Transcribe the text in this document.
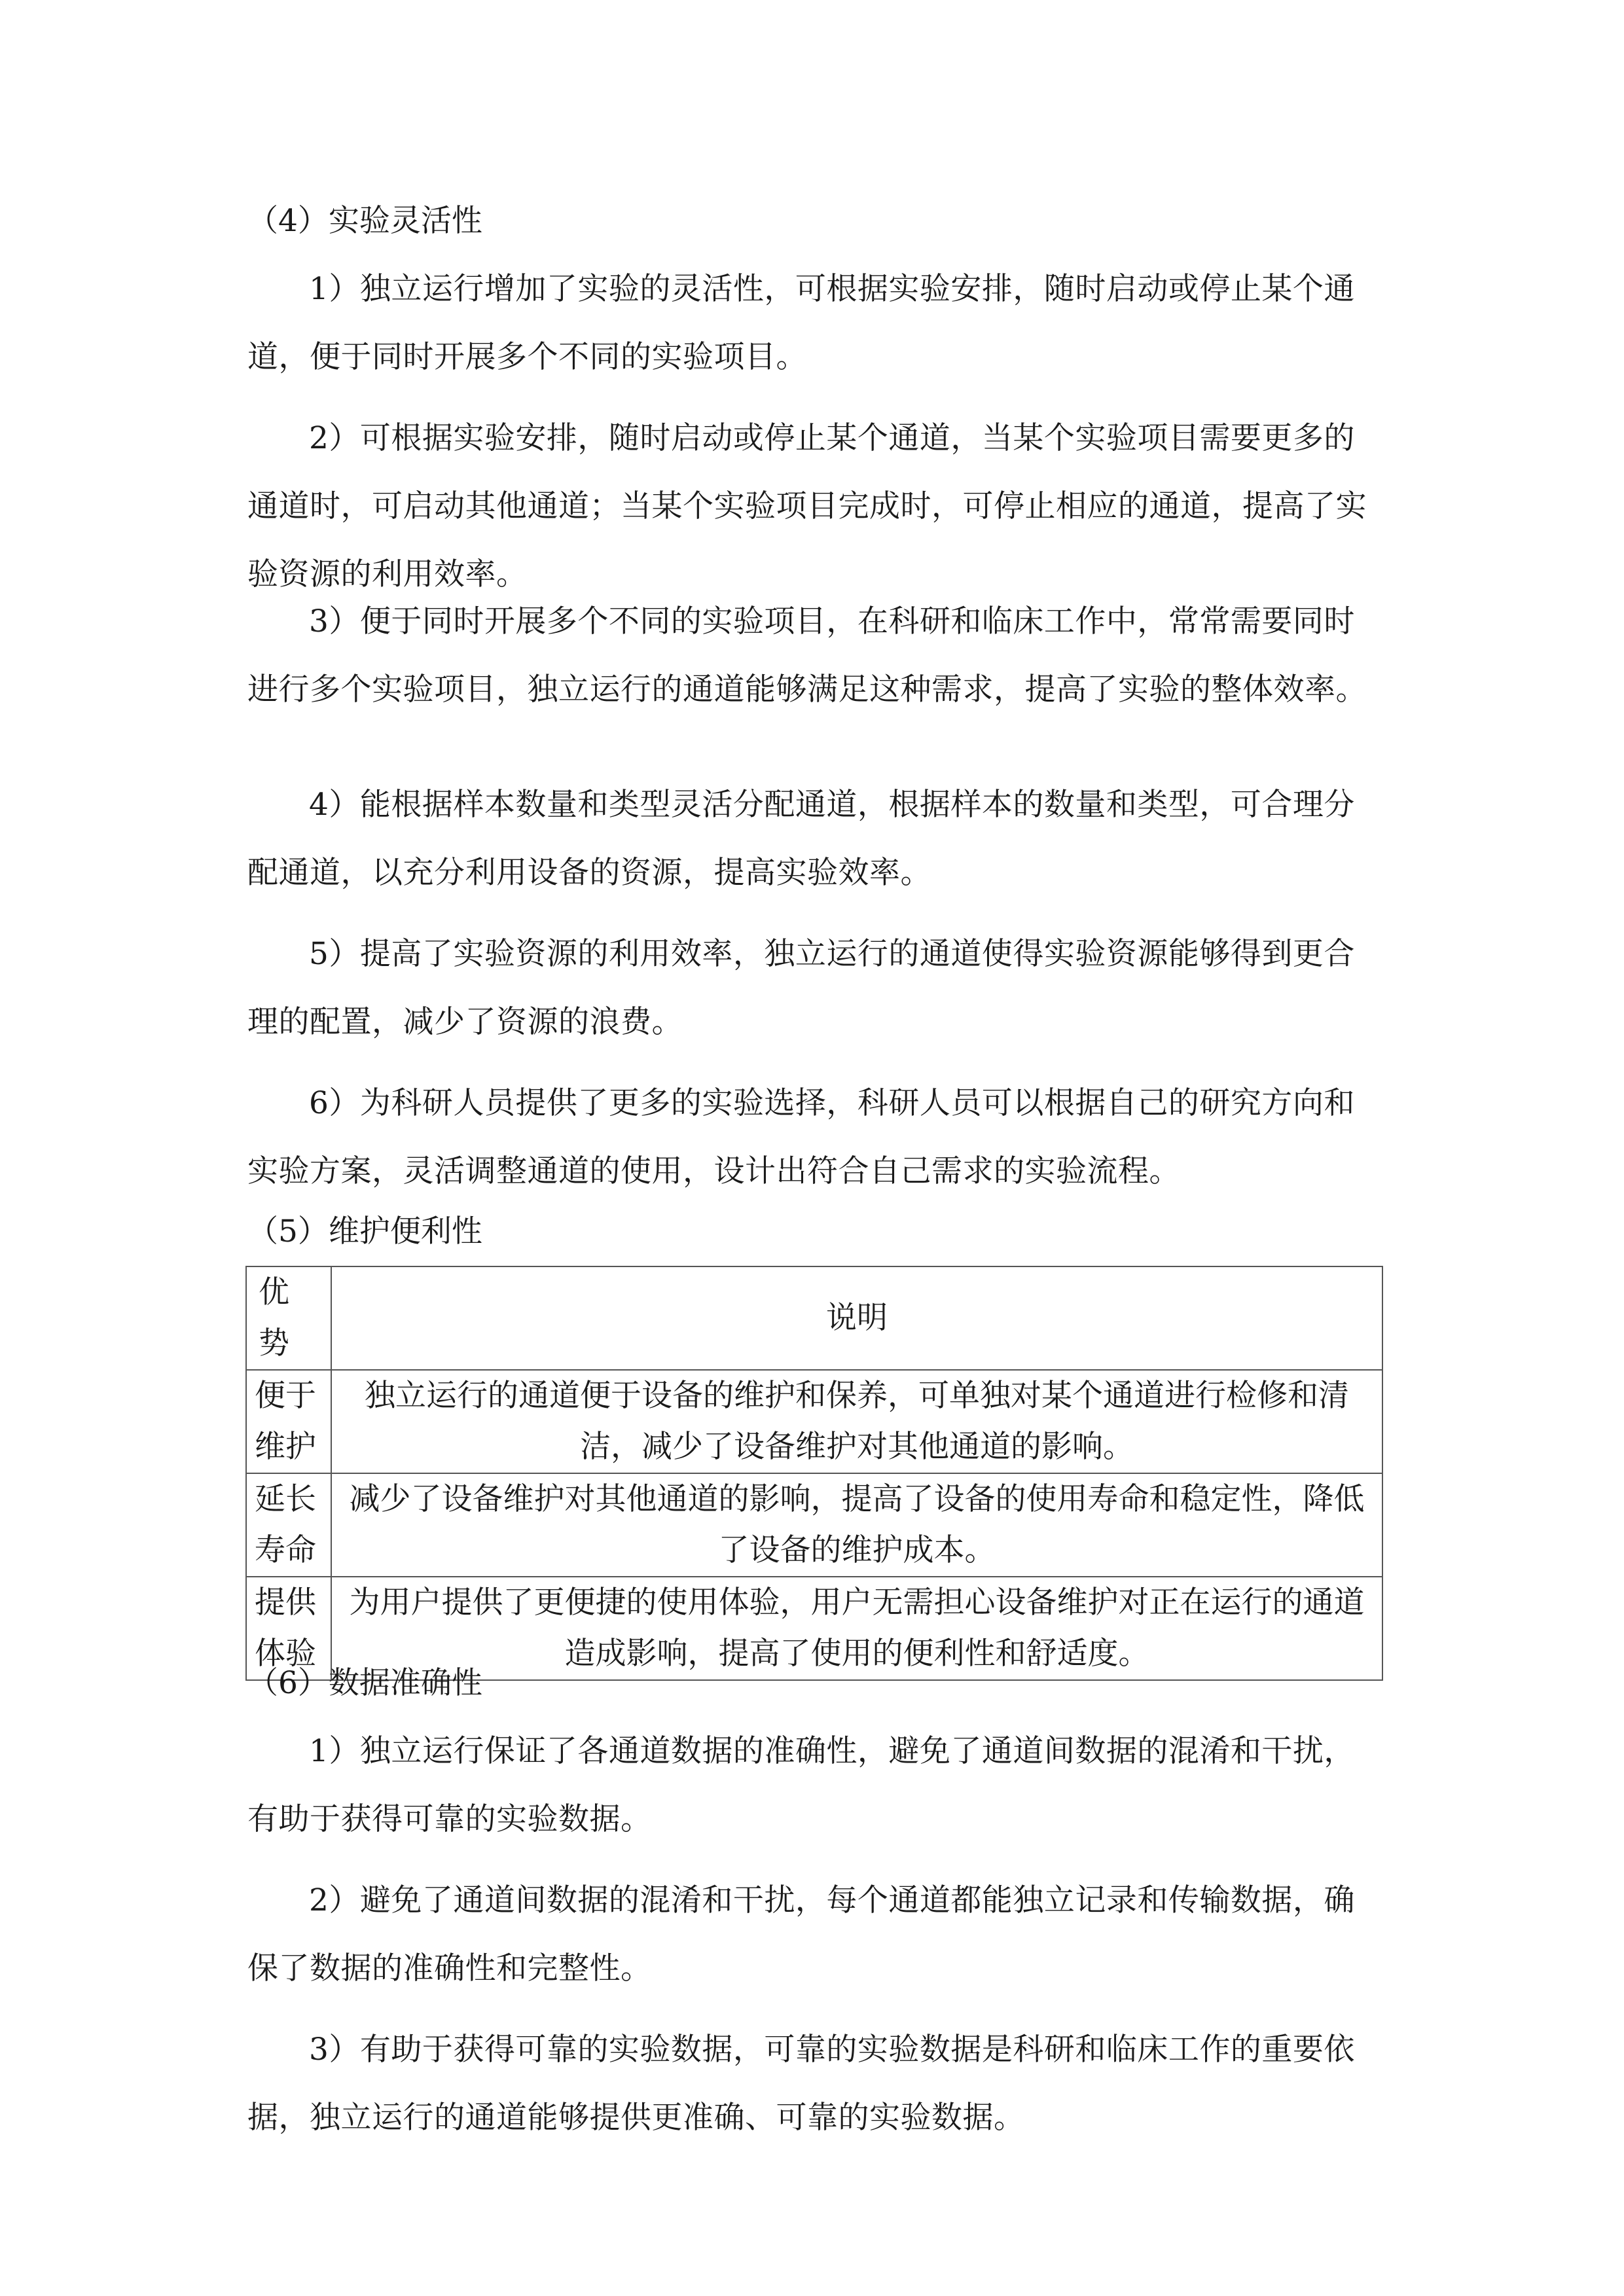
（4）实验灵活性
1）独立运行增加了实验的灵活性，可根据实验安排，随时启动或停止某个通道，便于同时开展多个不同的实验项目。
2）可根据实验安排，随时启动或停止某个通道，当某个实验项目需要更多的通道时，可启动其他通道；当某个实验项目完成时，可停止相应的通道，提高了实验资源的利用效率。
3）便于同时开展多个不同的实验项目，在科研和临床工作中，常常需要同时进行多个实验项目，独立运行的通道能够满足这种需求，提高了实验的整体效率。
4）能根据样本数量和类型灵活分配通道，根据样本的数量和类型，可合理分配通道，以充分利用设备的资源，提高实验效率。
5）提高了实验资源的利用效率，独立运行的通道使得实验资源能够得到更合理的配置，减少了资源的浪费。
6）为科研人员提供了更多的实验选择，科研人员可以根据自己的研究方向和实验方案，灵活调整通道的使用，设计出符合自己需求的实验流程。
（5）维护便利性
优势	说明
便于维护	独立运行的通道便于设备的维护和保养，可单独对某个通道进行检修和清洁，减少了设备维护对其他通道的影响。
延长寿命	减少了设备维护对其他通道的影响，提高了设备的使用寿命和稳定性，降低了设备的维护成本。
提供体验	为用户提供了更便捷的使用体验，用户无需担心设备维护对正在运行的通道造成影响，提高了使用的便利性和舒适度。
（6）数据准确性
1）独立运行保证了各通道数据的准确性，避免了通道间数据的混淆和干扰，有助于获得可靠的实验数据。
2）避免了通道间数据的混淆和干扰，每个通道都能独立记录和传输数据，确保了数据的准确性和完整性。
3）有助于获得可靠的实验数据，可靠的实验数据是科研和临床工作的重要依据，独立运行的通道能够提供更准确、可靠的实验数据。
